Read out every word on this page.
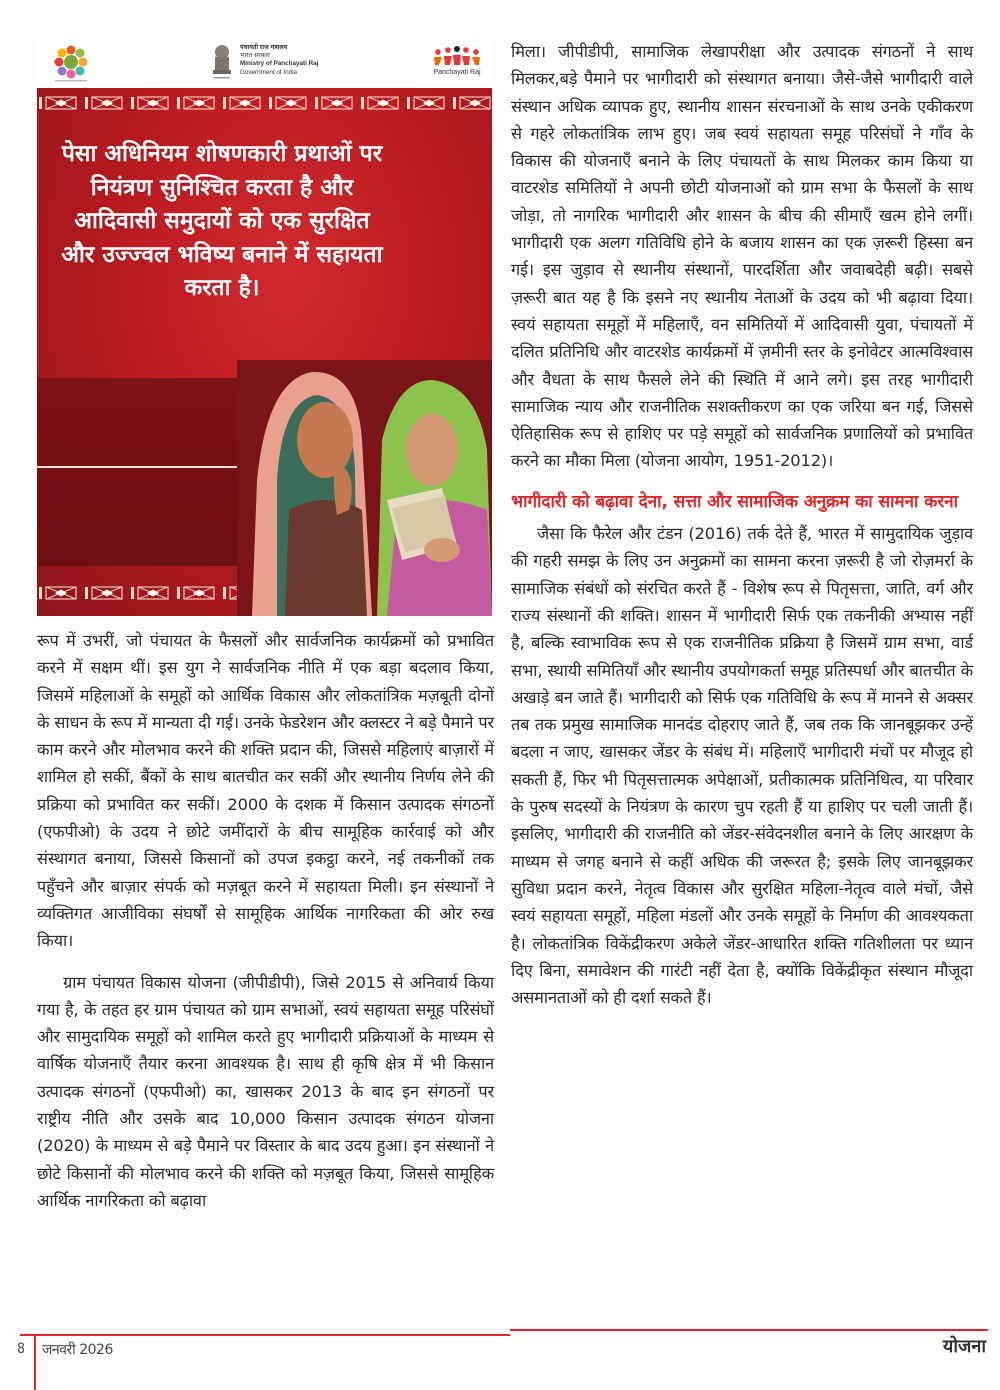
पंचायती राज मंत्रालय
भारत सरकार
Ministry of Panchayati Raj
Government of India	Panchayati Raj
पेसा अधिनियम शोषणकारी प्रथाओं पर नियंत्रण सुनिश्चित करता है और आदिवासी समुदायों को एक सुरक्षित और उज्ज्वल भविष्य बनाने में सहायता करता है।

रूप में उभरीं, जो पंचायत के फैसलों और सार्वजनिक कार्यक्रमों को प्रभावित करने में सक्षम थीं। इस युग ने सार्वजनिक नीति में एक बड़ा बदलाव किया, जिसमें महिलाओं के समूहों को आर्थिक विकास और लोकतांत्रिक मज़बूती दोनों के साधन के रूप में मान्यता दी गई। उनके फेडरेशन और क्लस्टर ने बड़े पैमाने पर काम करने और मोलभाव करने की शक्ति प्रदान की, जिससे महिलाएं बाज़ारों में शामिल हो सकीं, बैंकों के साथ बातचीत कर सकीं और स्थानीय निर्णय लेने की प्रक्रिया को प्रभावित कर सकीं। 2000 के दशक में किसान उत्पादक संगठनों (एफपीओ) के उदय ने छोटे जमींदारों के बीच सामूहिक कार्रवाई को और संस्थागत बनाया, जिससे किसानों को उपज इकट्ठा करने, नई तकनीकों तक पहुँचने और बाज़ार संपर्क को मज़बूत करने में सहायता मिली। इन संस्थानों ने व्यक्तिगत आजीविका संघर्षों से सामूहिक आर्थिक नागरिकता की ओर रुख किया।

ग्राम पंचायत विकास योजना (जीपीडीपी), जिसे 2015 से अनिवार्य किया गया है, के तहत हर ग्राम पंचायत को ग्राम सभाओं, स्वयं सहायता समूह परिसंघों और सामुदायिक समूहों को शामिल करते हुए भागीदारी प्रक्रियाओं के माध्यम से वार्षिक योजनाएँ तैयार करना आवश्यक है। साथ ही कृषि क्षेत्र में भी किसान उत्पादक संगठनों (एफपीओ) का, खासकर 2013 के बाद इन संगठनों पर राष्ट्रीय नीति और उसके बाद 10,000 किसान उत्पादक संगठन योजना (2020) के माध्यम से बड़े पैमाने पर विस्तार के बाद उदय हुआ। इन संस्थानों ने छोटे किसानों की मोलभाव करने की शक्ति को मज़बूत किया, जिससे सामूहिक आर्थिक नागरिकता को बढ़ावा

मिला। जीपीडीपी, सामाजिक लेखापरीक्षा और उत्पादक संगठनों ने साथ मिलकर,बड़े पैमाने पर भागीदारी को संस्थागत बनाया। जैसे-जैसे भागीदारी वाले संस्थान अधिक व्यापक हुए, स्थानीय शासन संरचनाओं के साथ उनके एकीकरण से गहरे लोकतांत्रिक लाभ हुए। जब स्वयं सहायता समूह परिसंघों ने गाँव के विकास की योजनाएँ बनाने के लिए पंचायतों के साथ मिलकर काम किया या वाटरशेड समितियों ने अपनी छोटी योजनाओं को ग्राम सभा के फैसलों के साथ जोड़ा, तो नागरिक भागीदारी और शासन के बीच की सीमाएँ खत्म होने लगीं। भागीदारी एक अलग गतिविधि होने के बजाय शासन का एक ज़रूरी हिस्सा बन गई। इस जुड़ाव से स्थानीय संस्थानों, पारदर्शिता और जवाबदेही बढ़ी। सबसे ज़रूरी बात यह है कि इसने नए स्थानीय नेताओं के उदय को भी बढ़ावा दिया। स्वयं सहायता समूहों में महिलाएँ, वन समितियों में आदिवासी युवा, पंचायतों में दलित प्रतिनिधि और वाटरशेड कार्यक्रमों में ज़मीनी स्तर के इनोवेटर आत्मविश्वास और वैधता के साथ फैसले लेने की स्थिति में आने लगे। इस तरह भागीदारी सामाजिक न्याय और राजनीतिक सशक्तीकरण का एक जरिया बन गई, जिससे ऐतिहासिक रूप से हाशिए पर पड़े समूहों को सार्वजनिक प्रणालियों को प्रभावित करने का मौका मिला (योजना आयोग, 1951-2012)।

भागीदारी को बढ़ावा देना, सत्ता और सामाजिक अनुक्रम का सामना करना

जैसा कि फैरेल और टंडन (2016) तर्क देते हैं, भारत में सामुदायिक जुड़ाव की गहरी समझ के लिए उन अनुक्रमों का सामना करना ज़रूरी है जो रोज़मर्रा के सामाजिक संबंधों को संरचित करते हैं - विशेष रूप से पितृसत्ता, जाति, वर्ग और राज्य संस्थानों की शक्ति। शासन में भागीदारी सिर्फ एक तकनीकी अभ्यास नहीं है, बल्कि स्वाभाविक रूप से एक राजनीतिक प्रक्रिया है जिसमें ग्राम सभा, वार्ड सभा, स्थायी समितियाँ और स्थानीय उपयोगकर्ता समूह प्रतिस्पर्धा और बातचीत के अखाड़े बन जाते हैं। भागीदारी को सिर्फ एक गतिविधि के रूप में मानने से अक्सर तब तक प्रमुख सामाजिक मानदंड दोहराए जाते हैं, जब तक कि जानबूझकर उन्हें बदला न जाए, खासकर जेंडर के संबंध में। महिलाएँ भागीदारी मंचों पर मौजूद हो सकती हैं, फिर भी पितृसत्तात्मक अपेक्षाओं, प्रतीकात्मक प्रतिनिधित्व, या परिवार के पुरुष सदस्यों के नियंत्रण के कारण चुप रहती हैं या हाशिए पर चली जाती हैं। इसलिए, भागीदारी की राजनीति को जेंडर-संवेदनशील बनाने के लिए आरक्षण के माध्यम से जगह बनाने से कहीं अधिक की जरूरत है; इसके लिए जानबूझकर सुविधा प्रदान करने, नेतृत्व विकास और सुरक्षित महिला-नेतृत्व वाले मंचों, जैसे स्वयं सहायता समूहों, महिला मंडलों और उनके समूहों के निर्माण की आवश्यकता है। लोकतांत्रिक विकेंद्रीकरण अकेले जेंडर-आधारित शक्ति गतिशीलता पर ध्यान दिए बिना, समावेशन की गारंटी नहीं देता है, क्योंकि विकेंद्रीकृत संस्थान मौजूदा असमानताओं को ही दर्शा सकते हैं।

8 जनवरी 2026	योजना
